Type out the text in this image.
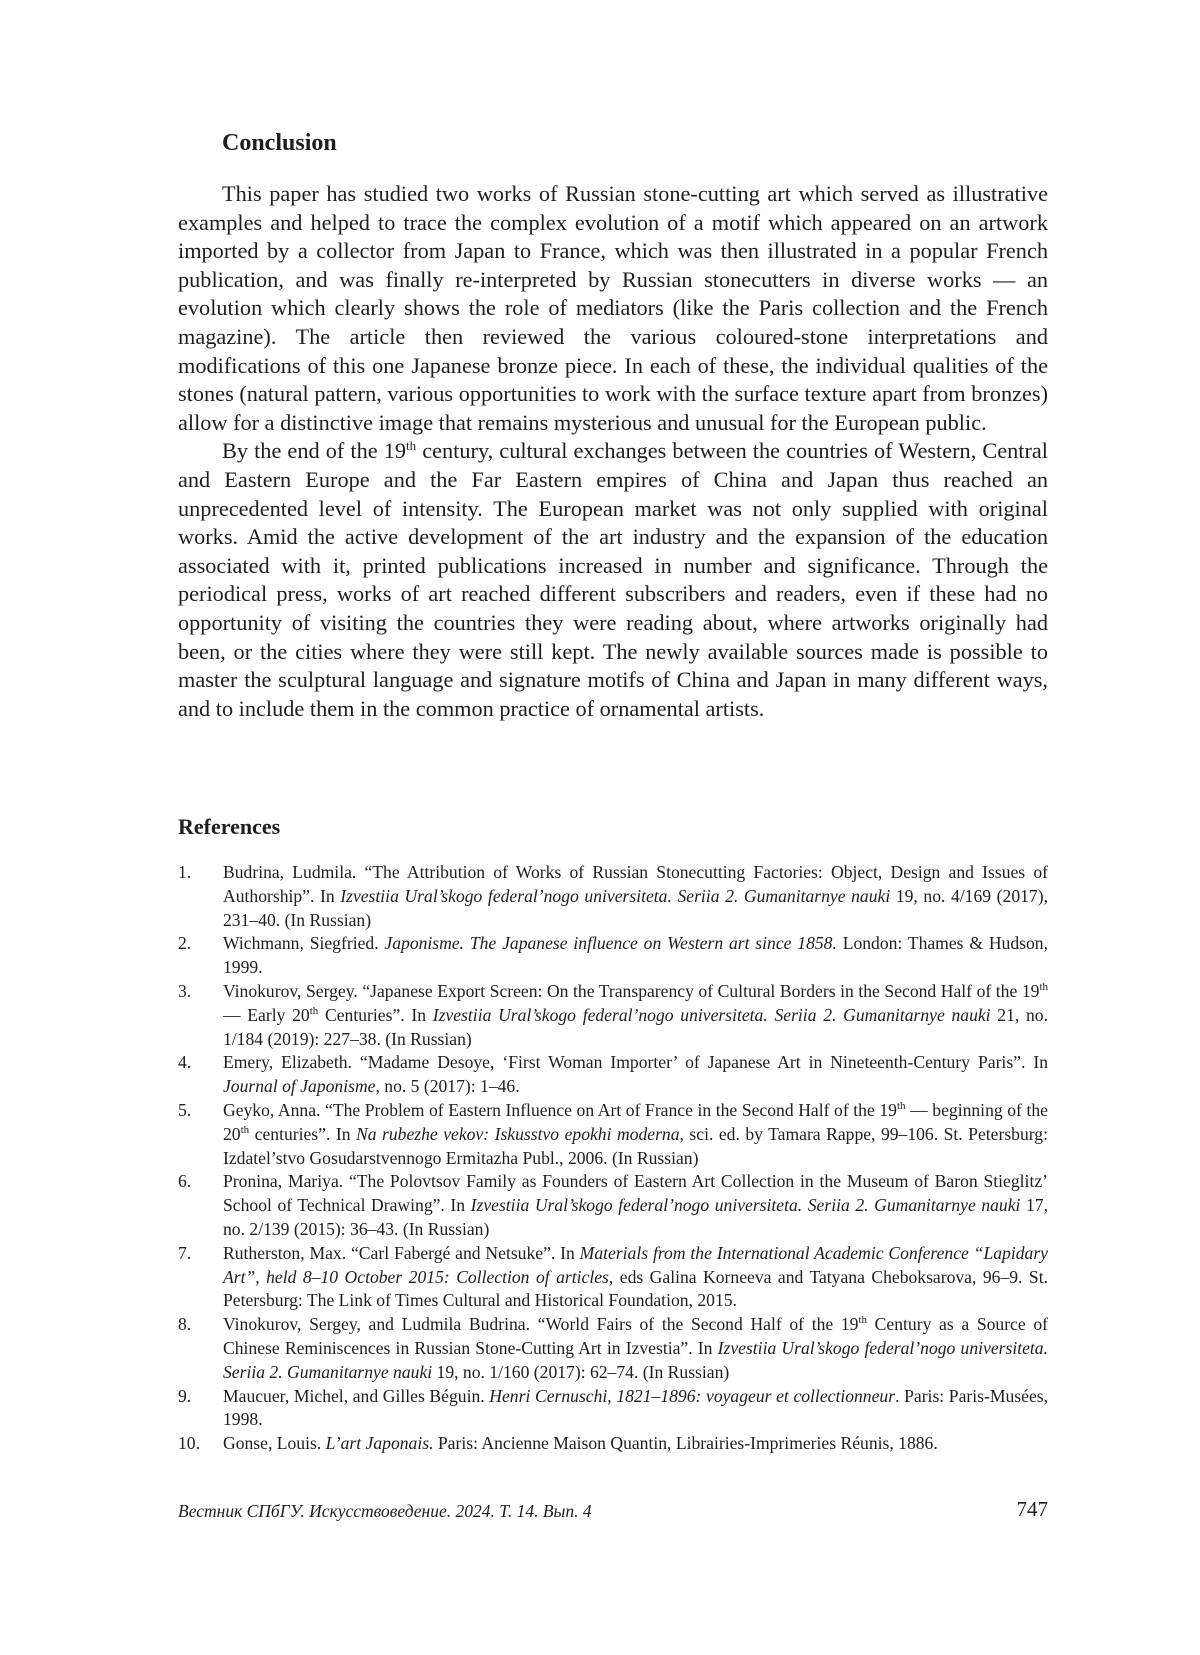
Conclusion

This paper has studied two works of Russian stone-cutting art which served as illustrative examples and helped to trace the complex evolution of a motif which appeared on an artwork imported by a collector from Japan to France, which was then illustrated in a popular French publication, and was finally re-interpreted by Russian stonecutters in diverse works — an evolution which clearly shows the role of mediators (like the Paris collection and the French magazine). The article then reviewed the various coloured-stone interpretations and modifications of this one Japanese bronze piece. In each of these, the individual qualities of the stones (natural pattern, various opportunities to work with the surface texture apart from bronzes) allow for a distinctive image that remains mysterious and unusual for the European public.

By the end of the 19th century, cultural exchanges between the countries of Western, Central and Eastern Europe and the Far Eastern empires of China and Japan thus reached an unprecedented level of intensity. The European market was not only supplied with original works. Amid the active development of the art industry and the expansion of the education associated with it, printed publications increased in number and significance. Through the periodical press, works of art reached different subscribers and readers, even if these had no opportunity of visiting the countries they were reading about, where artworks originally had been, or the cities where they were still kept. The newly available sources made is possible to master the sculptural language and signature motifs of China and Japan in many different ways, and to include them in the common practice of ornamental artists.

References
1. Budrina, Ludmila. “The Attribution of Works of Russian Stonecutting Factories: Object, Design and Issues of Authorship”. In Izvestiia Ural’skogo federal’nogo universiteta. Seriia 2. Gumanitarnye nauki 19, no. 4/169 (2017), 231–40. (In Russian)
2. Wichmann, Siegfried. Japonisme. The Japanese influence on Western art since 1858. London: Thames & Hudson, 1999.
3. Vinokurov, Sergey. “Japanese Export Screen: On the Transparency of Cultural Borders in the Second Half of the 19th — Early 20th Centuries”. In Izvestiia Ural’skogo federal’nogo universiteta. Seriia 2. Gumanitarnye nauki 21, no. 1/184 (2019): 227–38. (In Russian)
4. Emery, Elizabeth. “Madame Desoye, ‘First Woman Importer’ of Japanese Art in Nineteenth-Century Paris”. In Journal of Japonisme, no. 5 (2017): 1–46.
5. Geyko, Anna. “The Problem of Eastern Influence on Art of France in the Second Half of the 19th — beginning of the 20th centuries”. In Na rubezhe vekov: Iskusstvo epokhi moderna, sci. ed. by Tamara Rappe, 99–106. St. Petersburg: Izdatel’stvo Gosudarstvennogo Ermitazha Publ., 2006. (In Russian)
6. Pronina, Mariya. “The Polovtsov Family as Founders of Eastern Art Collection in the Museum of Baron Stieglitz’ School of Technical Drawing”. In Izvestiia Ural’skogo federal’nogo universiteta. Seriia 2. Gumanitarnye nauki 17, no. 2/139 (2015): 36–43. (In Russian)
7. Rutherston, Max. “Carl Fabergé and Netsuke”. In Materials from the International Academic Conference “Lapidary Art”, held 8–10 October 2015: Collection of articles, eds Galina Korneeva and Tatyana Cheboksarova, 96–9. St. Petersburg: The Link of Times Cultural and Historical Foundation, 2015.
8. Vinokurov, Sergey, and Ludmila Budrina. “World Fairs of the Second Half of the 19th Century as a Source of Chinese Reminiscences in Russian Stone-Cutting Art in Izvestia”. In Izvestiia Ural’skogo federal’nogo universiteta. Seriia 2. Gumanitarnye nauki 19, no. 1/160 (2017): 62–74. (In Russian)
9. Maucuer, Michel, and Gilles Béguin. Henri Cernuschi, 1821–1896: voyageur et collectionneur. Paris: Paris-Musées, 1998.
10. Gonse, Louis. L’art Japonais. Paris: Ancienne Maison Quantin, Librairies-Imprimeries Réunis, 1886.
Вестник СПбГУ. Искусствоведение. 2024. Т. 14. Вып. 4	747
